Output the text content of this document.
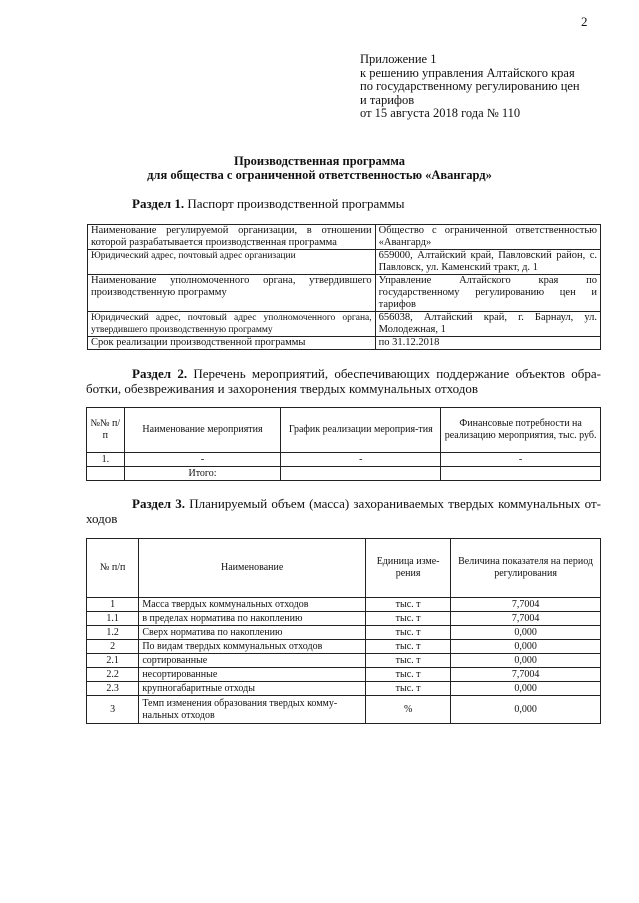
2
Приложение 1
к решению управления Алтайского края
по государственному регулированию цен
и тарифов
от 15 августа 2018 года № 110
Производственная программа
для общества с ограниченной ответственностью «Авангард»
Раздел 1. Паспорт производственной программы
Наименование регулируемой организации, в отношении которой разрабатывается производственная программа	Общество с ограниченной ответственностью «Авангард»
Юридический адрес, почтовый адрес организации	659000, Алтайский край, Павловский район, с. Павловск, ул. Каменский тракт, д. 1
Наименование уполномоченного органа, утвердившего производственную программу	Управление Алтайского края по государственному регулированию цен и тарифов
Юридический адрес, почтовый адрес уполномоченного органа, утвердившего производственную программу	656038, Алтайский край, г. Барнаул, ул. Молодежная, 1
Срок реализации производственной программы	по 31.12.2018
Раздел 2. Перечень мероприятий, обеспечивающих поддержание объектов обра-
ботки, обезвреживания и захоронения твердых коммунальных отходов
№№ п/п	Наименование мероприятия	График реализации мероприя-тия	Финансовые потребности на реализацию мероприятия, тыс. руб.
1.	-	-	-
	Итого:		
Раздел 3. Планируемый объем (масса) захораниваемых твердых коммунальных от-
ходов
№ п/п	Наименование	Единица изме-рения	Величина показателя на период регулирования
1	Масса твердых коммунальных отходов	тыс. т	7,7004
1.1	в пределах норматива по накоплению	тыс. т	7,7004
1.2	Сверх норматива по накоплению	тыс. т	0,000
2	По видам твердых коммунальных отходов	тыс. т	0,000
2.1	сортированные	тыс. т	0,000
2.2	несортированные	тыс. т	7,7004
2.3	крупногабаритные отходы	тыс. т	0,000
3	Темп изменения образования твердых комму-нальных отходов	%	0,000
